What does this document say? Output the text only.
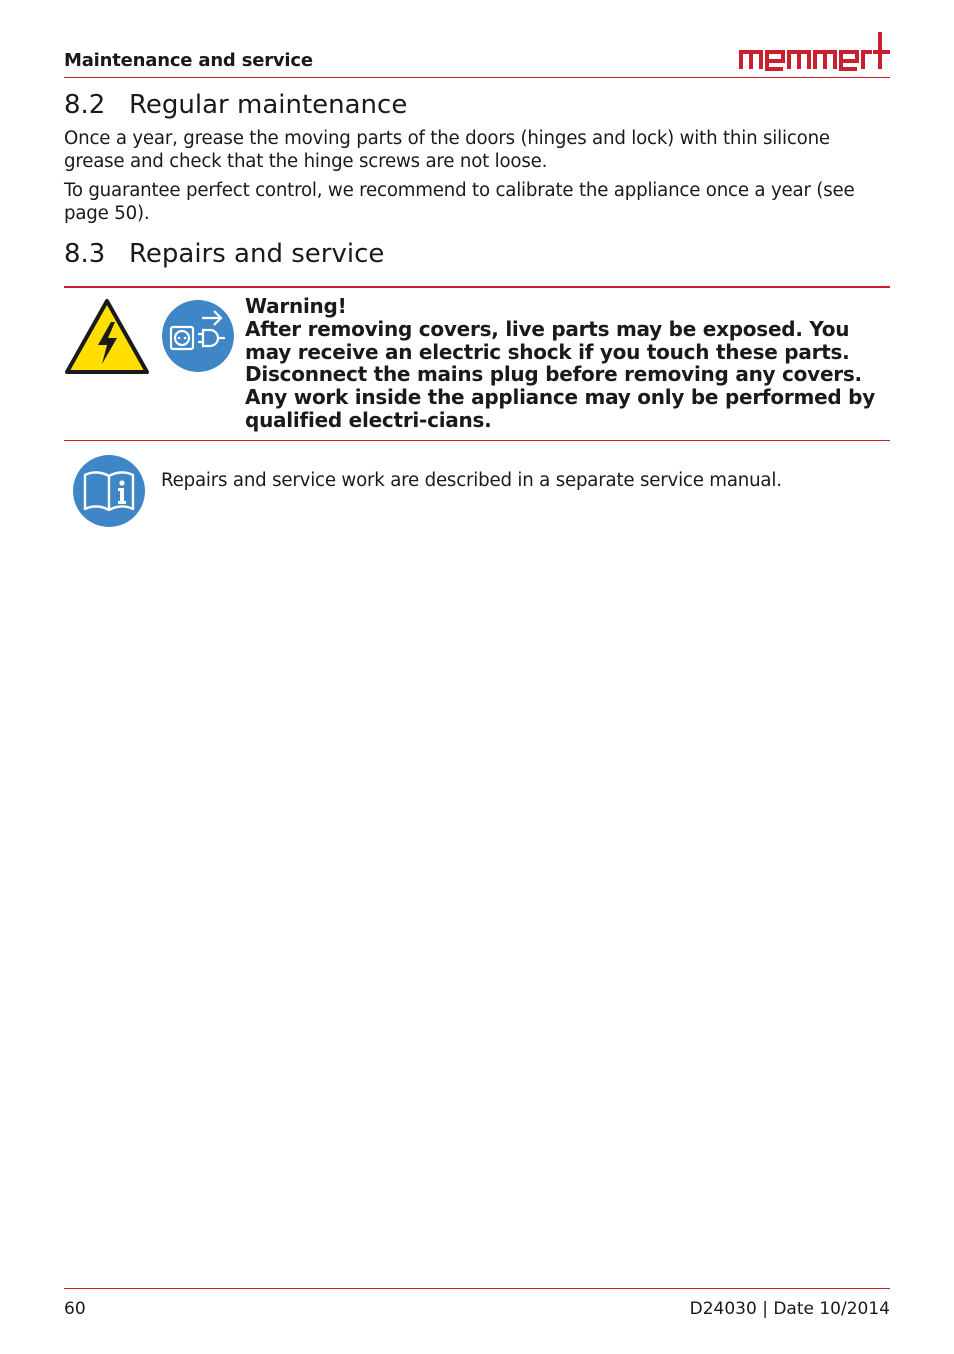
Maintenance and service
8.2 Regular maintenance
Once a year, grease the moving parts of the doors (hinges and lock) with thin silicone grease and check that the hinge screws are not loose.
To guarantee perfect control, we recommend to calibrate the appliance once a year (see page 50).
8.3 Repairs and service
Warning!
After removing covers, live parts may be exposed. You may receive an electric shock if you touch these parts. Disconnect the mains plug before removing any covers. Any work inside the appliance may only be performed by qualified electri-cians.
Repairs and service work are described in a separate service manual.
60	D24030 | Date 10/2014
